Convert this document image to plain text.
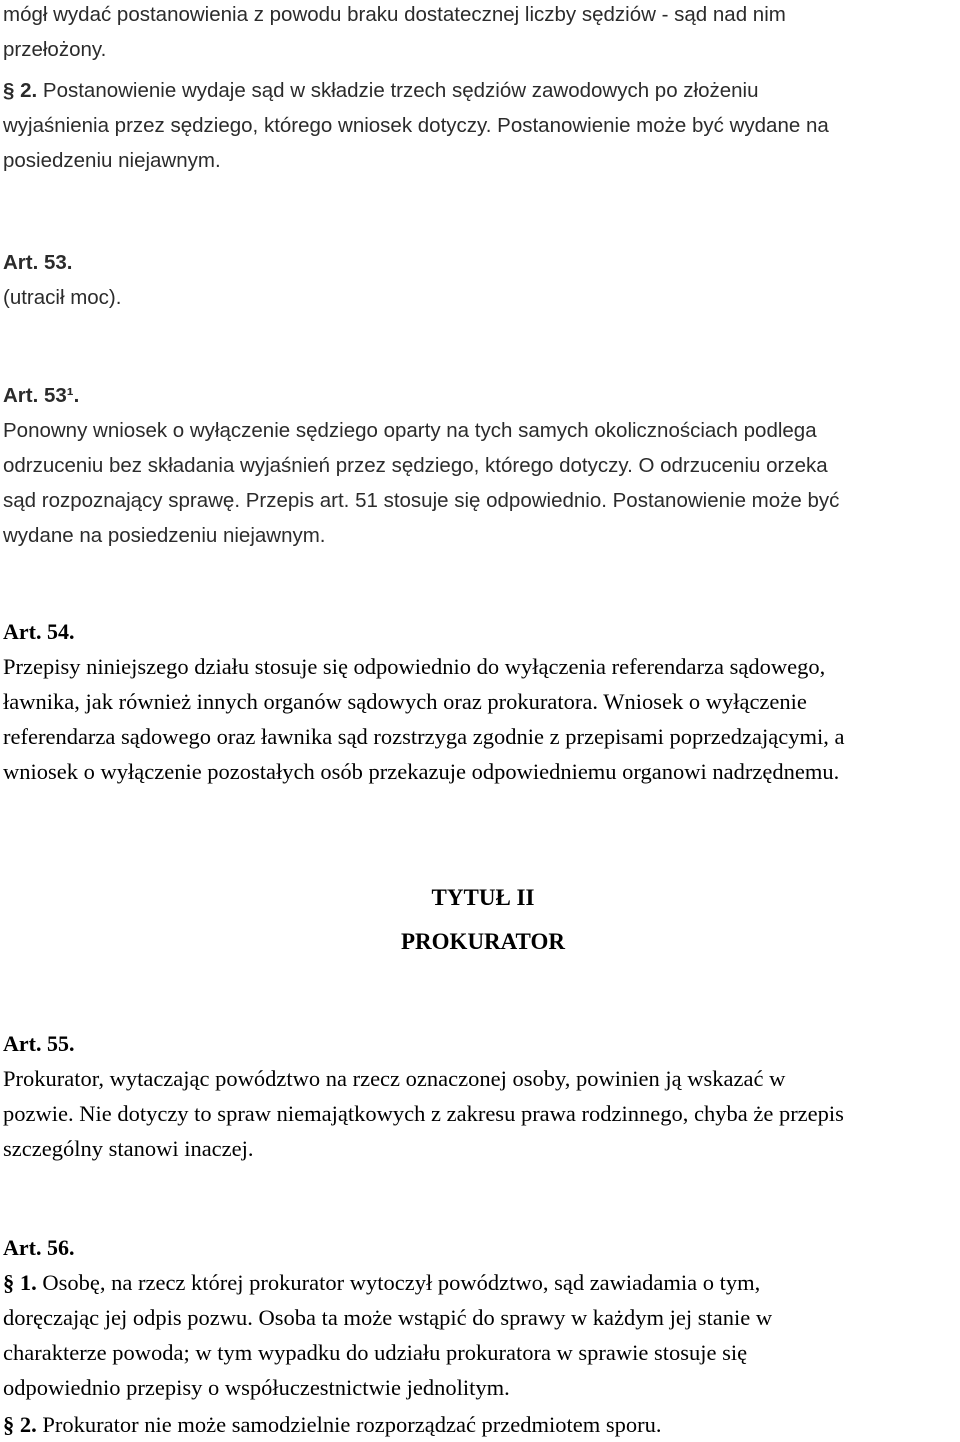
mógł wydać postanowienia z powodu braku dostatecznej liczby sędziów - sąd nad nim
przełożony.
§ 2. Postanowienie wydaje sąd w składzie trzech sędziów zawodowych po złożeniu
wyjaśnienia przez sędziego, którego wniosek dotyczy. Postanowienie może być wydane na
posiedzeniu niejawnym.
Art. 53.
(utracił moc).
Art. 53¹.
Ponowny wniosek o wyłączenie sędziego oparty na tych samych okolicznościach podlega
odrzuceniu bez składania wyjaśnień przez sędziego, którego dotyczy. O odrzuceniu orzeka
sąd rozpoznający sprawę. Przepis art. 51 stosuje się odpowiednio. Postanowienie może być
wydane na posiedzeniu niejawnym.
Art. 54.
Przepisy niniejszego działu stosuje się odpowiednio do wyłączenia referendarza sądowego,
ławnika, jak również innych organów sądowych oraz prokuratora. Wniosek o wyłączenie
referendarza sądowego oraz ławnika sąd rozstrzyga zgodnie z przepisami poprzedzającymi, a
wniosek o wyłączenie pozostałych osób przekazuje odpowiedniemu organowi nadrzędnemu.
TYTUŁ II
PROKURATOR
Art. 55.
Prokurator, wytaczając powództwo na rzecz oznaczonej osoby, powinien ją wskazać w
pozwie. Nie dotyczy to spraw niemajątkowych z zakresu prawa rodzinnego, chyba że przepis
szczególny stanowi inaczej.
Art. 56.
§ 1. Osobę, na rzecz której prokurator wytoczył powództwo, sąd zawiadamia o tym,
doręczając jej odpis pozwu. Osoba ta może wstąpić do sprawy w każdym jej stanie w
charakterze powoda; w tym wypadku do udziału prokuratora w sprawie stosuje się
odpowiednio przepisy o współuczestnictwie jednolitym.
§ 2. Prokurator nie może samodzielnie rozporządzać przedmiotem sporu.
